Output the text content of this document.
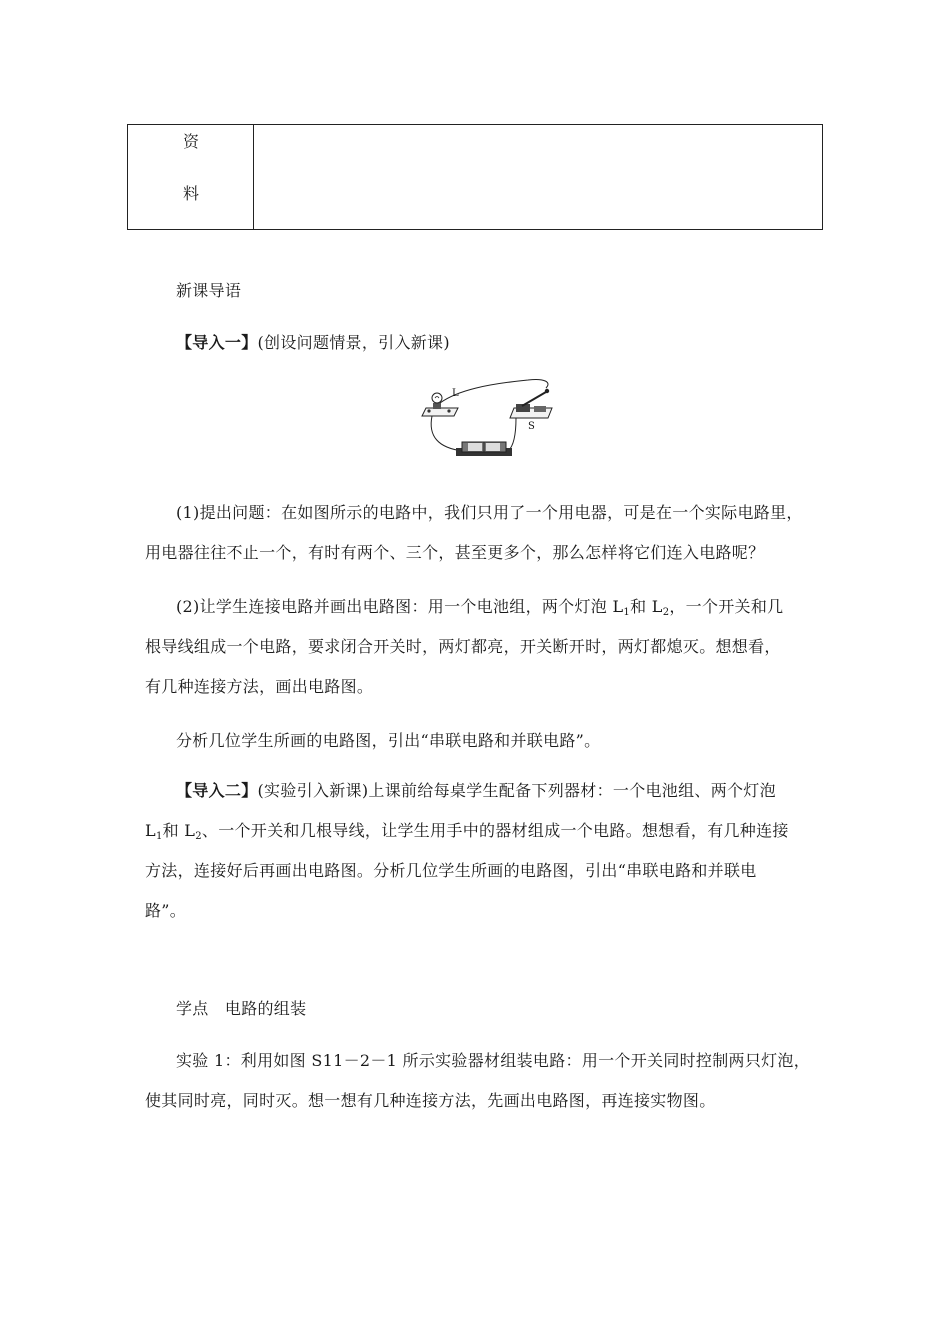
资
料
新课导语
【导入一】(创设问题情景，引入新课)
L
S
(1)提出问题：在如图所示的电路中，我们只用了一个用电器，可是在一个实际电路里，
用电器往往不止一个，有时有两个、三个，甚至更多个，那么怎样将它们连入电路呢？
(2)让学生连接电路并画出电路图：用一个电池组，两个灯泡 $L_1$和 $L_2$，一个开关和几
根导线组成一个电路，要求闭合开关时，两灯都亮，开关断开时，两灯都熄灭。想想看，
有几种连接方法，画出电路图。
分析几位学生所画的电路图，引出“串联电路和并联电路”。
【导入二】(实验引入新课)上课前给每桌学生配备下列器材：一个电池组、两个灯泡
$L_1$和 $L_2$、一个开关和几根导线，让学生用手中的器材组成一个电路。想想看，有几种连接
方法，连接好后再画出电路图。分析几位学生所画的电路图，引出“串联电路和并联电
路”。
学点　电路的组装
实验 1：利用如图 S11－2－1 所示实验器材组装电路：用一个开关同时控制两只灯泡，
使其同时亮，同时灭。想一想有几种连接方法，先画出电路图，再连接实物图。
